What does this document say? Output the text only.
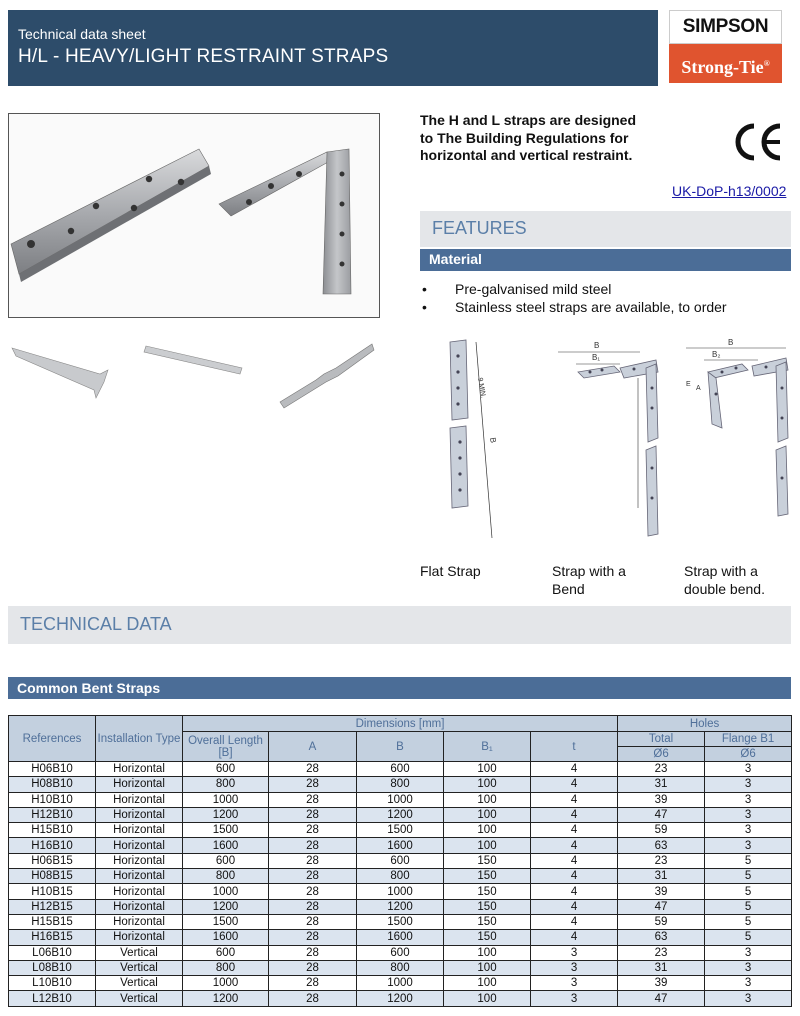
Technical data sheet
H/L - HEAVY/LIGHT RESTRAINT STRAPS
SIMPSON
Strong-Tie®
The H and L straps are designed to The Building Regulations for horizontal and vertical restraint.
UK-DoP-h13/0002
FEATURES
Material
•	Pre-galvanised mild steel
•	Stainless steel straps are available, to order
9 MIN.
B
B
B₁
B
B₂
E
A
Flat Strap	Strap with a Bend
Strap with a double bend.
TECHNICAL DATA
Common Bent Straps
References	Installation Type	Dimensions [mm]					Holes	
		Overall Length [B]	A	B	B₁	t	Total	Flange B1
							Ø6	Ø6
H06B10	Horizontal	600	28	600	100	4	23	3
H08B10	Horizontal	800	28	800	100	4	31	3
H10B10	Horizontal	1000	28	1000	100	4	39	3
H12B10	Horizontal	1200	28	1200	100	4	47	3
H15B10	Horizontal	1500	28	1500	100	4	59	3
H16B10	Horizontal	1600	28	1600	100	4	63	3
H06B15	Horizontal	600	28	600	150	4	23	5
H08B15	Horizontal	800	28	800	150	4	31	5
H10B15	Horizontal	1000	28	1000	150	4	39	5
H12B15	Horizontal	1200	28	1200	150	4	47	5
H15B15	Horizontal	1500	28	1500	150	4	59	5
H16B15	Horizontal	1600	28	1600	150	4	63	5
L06B10	Vertical	600	28	600	100	3	23	3
L08B10	Vertical	800	28	800	100	3	31	3
L10B10	Vertical	1000	28	1000	100	3	39	3
L12B10	Vertical	1200	28	1200	100	3	47	3
